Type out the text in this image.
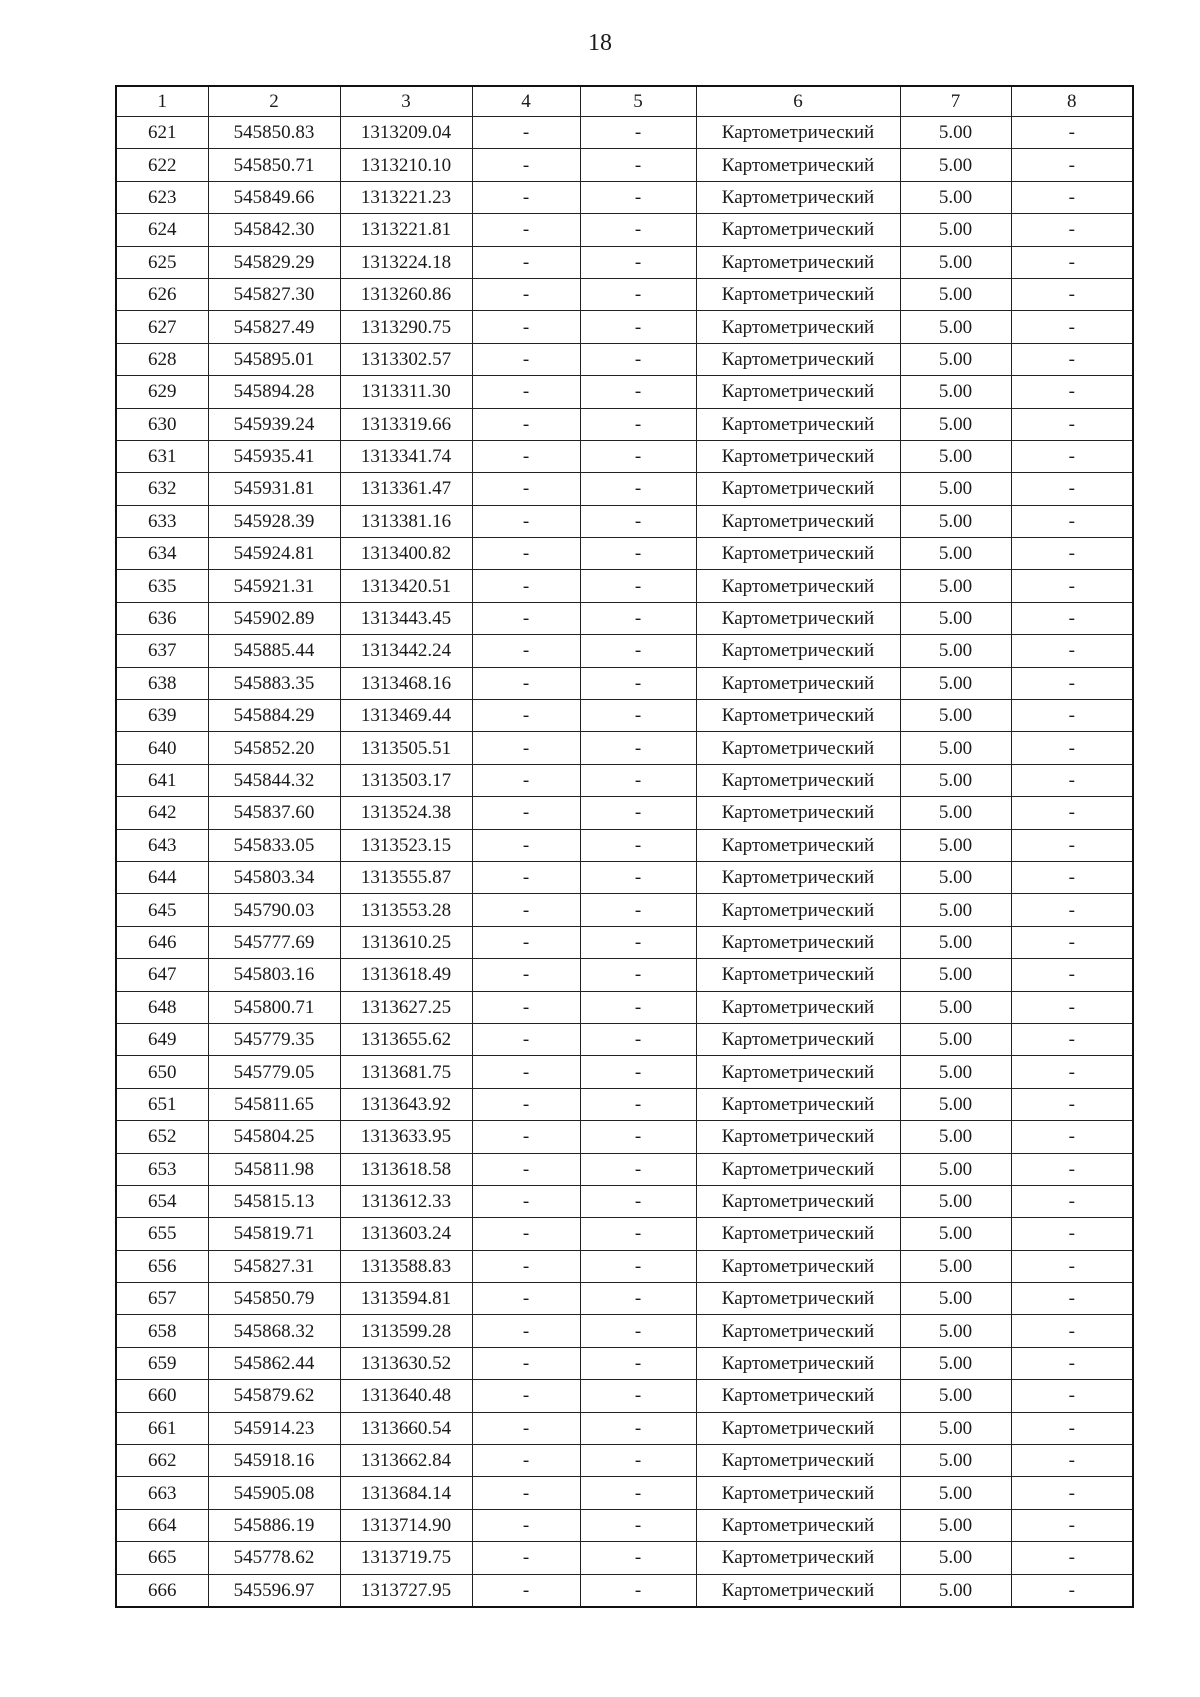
18
1	2	3	4	5	6	7	8
621	545850.83	1313209.04	-	-	Картометрический	5.00	-
622	545850.71	1313210.10	-	-	Картометрический	5.00	-
623	545849.66	1313221.23	-	-	Картометрический	5.00	-
624	545842.30	1313221.81	-	-	Картометрический	5.00	-
625	545829.29	1313224.18	-	-	Картометрический	5.00	-
626	545827.30	1313260.86	-	-	Картометрический	5.00	-
627	545827.49	1313290.75	-	-	Картометрический	5.00	-
628	545895.01	1313302.57	-	-	Картометрический	5.00	-
629	545894.28	1313311.30	-	-	Картометрический	5.00	-
630	545939.24	1313319.66	-	-	Картометрический	5.00	-
631	545935.41	1313341.74	-	-	Картометрический	5.00	-
632	545931.81	1313361.47	-	-	Картометрический	5.00	-
633	545928.39	1313381.16	-	-	Картометрический	5.00	-
634	545924.81	1313400.82	-	-	Картометрический	5.00	-
635	545921.31	1313420.51	-	-	Картометрический	5.00	-
636	545902.89	1313443.45	-	-	Картометрический	5.00	-
637	545885.44	1313442.24	-	-	Картометрический	5.00	-
638	545883.35	1313468.16	-	-	Картометрический	5.00	-
639	545884.29	1313469.44	-	-	Картометрический	5.00	-
640	545852.20	1313505.51	-	-	Картометрический	5.00	-
641	545844.32	1313503.17	-	-	Картометрический	5.00	-
642	545837.60	1313524.38	-	-	Картометрический	5.00	-
643	545833.05	1313523.15	-	-	Картометрический	5.00	-
644	545803.34	1313555.87	-	-	Картометрический	5.00	-
645	545790.03	1313553.28	-	-	Картометрический	5.00	-
646	545777.69	1313610.25	-	-	Картометрический	5.00	-
647	545803.16	1313618.49	-	-	Картометрический	5.00	-
648	545800.71	1313627.25	-	-	Картометрический	5.00	-
649	545779.35	1313655.62	-	-	Картометрический	5.00	-
650	545779.05	1313681.75	-	-	Картометрический	5.00	-
651	545811.65	1313643.92	-	-	Картометрический	5.00	-
652	545804.25	1313633.95	-	-	Картометрический	5.00	-
653	545811.98	1313618.58	-	-	Картометрический	5.00	-
654	545815.13	1313612.33	-	-	Картометрический	5.00	-
655	545819.71	1313603.24	-	-	Картометрический	5.00	-
656	545827.31	1313588.83	-	-	Картометрический	5.00	-
657	545850.79	1313594.81	-	-	Картометрический	5.00	-
658	545868.32	1313599.28	-	-	Картометрический	5.00	-
659	545862.44	1313630.52	-	-	Картометрический	5.00	-
660	545879.62	1313640.48	-	-	Картометрический	5.00	-
661	545914.23	1313660.54	-	-	Картометрический	5.00	-
662	545918.16	1313662.84	-	-	Картометрический	5.00	-
663	545905.08	1313684.14	-	-	Картометрический	5.00	-
664	545886.19	1313714.90	-	-	Картометрический	5.00	-
665	545778.62	1313719.75	-	-	Картометрический	5.00	-
666	545596.97	1313727.95	-	-	Картометрический	5.00	-
